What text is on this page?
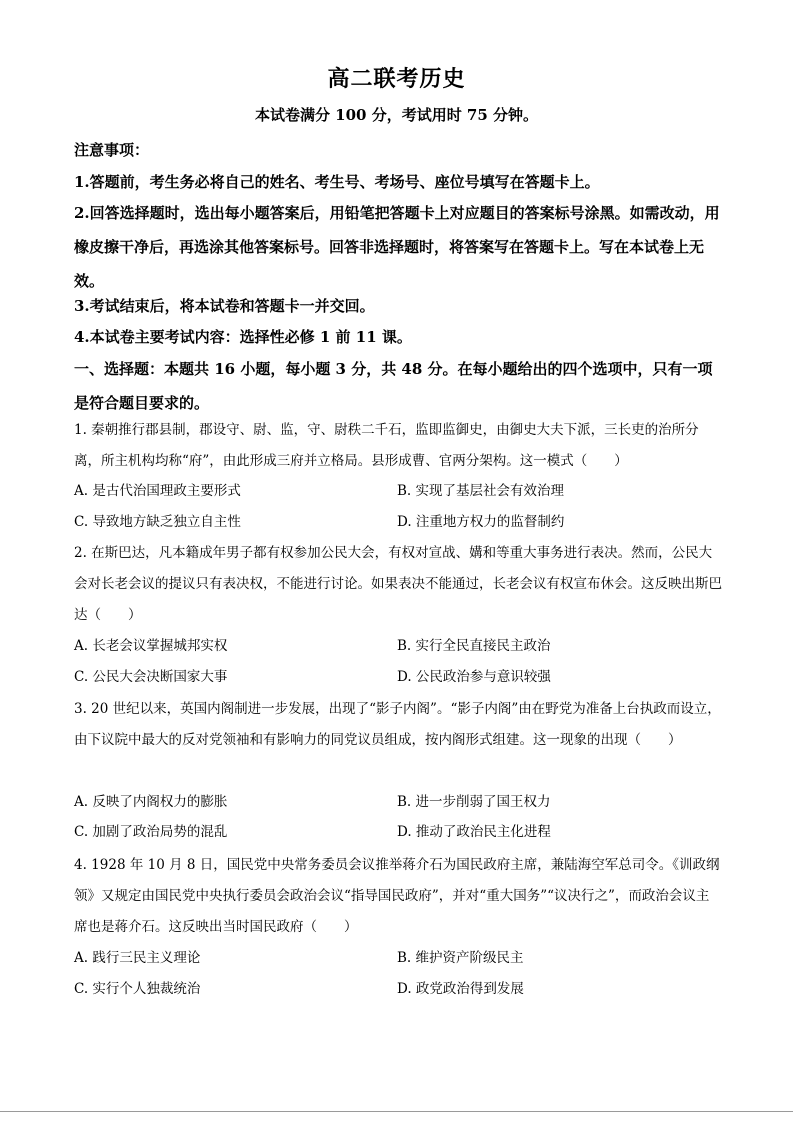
高二联考历史
本试卷满分 100 分，考试用时 75 分钟。
注意事项：
1.答题前，考生务必将自己的姓名、考生号、考场号、座位号填写在答题卡上。
2.回答选择题时，选出每小题答案后，用铅笔把答题卡上对应题目的答案标号涂黑。如需改动，用橡皮擦干净后，再选涂其他答案标号。回答非选择题时，将答案写在答题卡上。写在本试卷上无效。
3.考试结束后，将本试卷和答题卡一并交回。
4.本试卷主要考试内容：选择性必修 1 前 11 课。
一、选择题：本题共 16 小题，每小题 3 分，共 48 分。在每小题给出的四个选项中，只有一项是符合题目要求的。
1. 秦朝推行郡县制，郡设守、尉、监，守、尉秩二千石，监即监御史，由御史大夫下派，三长吏的治所分离，所主机构均称“府”，由此形成三府并立格局。县形成曹、官两分架构。这一模式（　　）
A. 是古代治国理政主要形式	B. 实现了基层社会有效治理
C. 导致地方缺乏独立自主性	D. 注重地方权力的监督制约
2. 在斯巴达，凡本籍成年男子都有权参加公民大会，有权对宣战、媾和等重大事务进行表决。然而，公民大会对长老会议的提议只有表决权，不能进行讨论。如果表决不能通过，长老会议有权宣布休会。这反映出斯巴达（　　）
A. 长老会议掌握城邦实权	B. 实行全民直接民主政治
C. 公民大会决断国家大事	D. 公民政治参与意识较强
3. 20 世纪以来，英国内阁制进一步发展，出现了“影子内阁”。“影子内阁”由在野党为准备上台执政而设立，由下议院中最大的反对党领袖和有影响力的同党议员组成，按内阁形式组建。这一现象的出现（　　）
A. 反映了内阁权力的膨胀	B. 进一步削弱了国王权力
C. 加剧了政治局势的混乱	D. 推动了政治民主化进程
4. 1928 年 10 月 8 日，国民党中央常务委员会议推举蒋介石为国民政府主席，兼陆海空军总司令。《训政纲领》又规定由国民党中央执行委员会政治会议“指导国民政府”，并对“重大国务”“议决行之”，而政治会议主席也是蒋介石。这反映出当时国民政府（　　）
A. 践行三民主义理论	B. 维护资产阶级民主
C. 实行个人独裁统治	D. 政党政治得到发展
